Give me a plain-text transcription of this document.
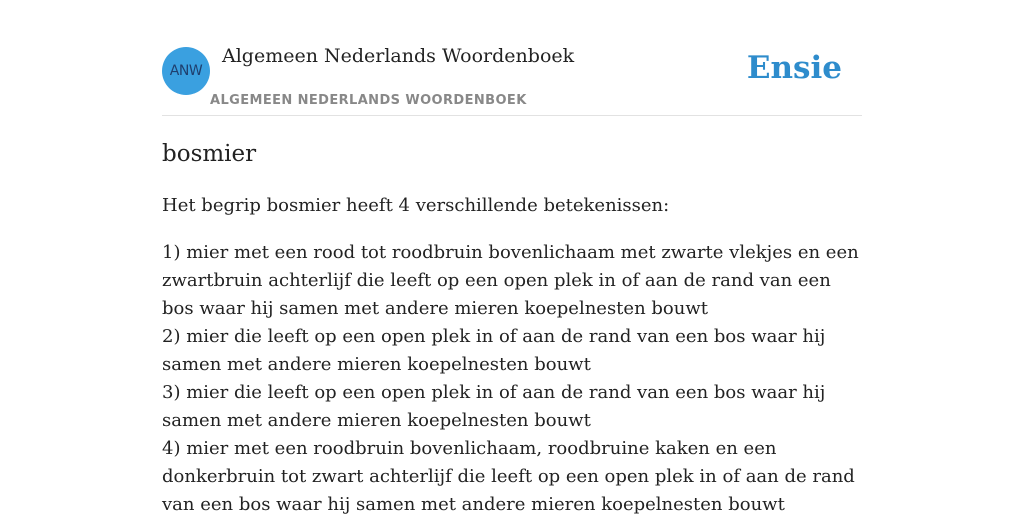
ANW
Algemeen Nederlands Woordenboek
ALGEMEEN NEDERLANDS WOORDENBOEK
Ensie
bosmier

Het begrip bosmier heeft 4 verschillende betekenissen:

1) mier met een rood tot roodbruin bovenlichaam met zwarte vlekjes en een zwartbruin achterlijf die leeft op een open plek in of aan de rand van een bos waar hij samen met andere mieren koepelnesten bouwt
2) mier die leeft op een open plek in of aan de rand van een bos waar hij samen met andere mieren koepelnesten bouwt
3) mier die leeft op een open plek in of aan de rand van een bos waar hij samen met andere mieren koepelnesten bouwt
4) mier met een roodbruin bovenlichaam, roodbruine kaken en een donkerbruin tot zwart achterlijf die leeft op een open plek in of aan de rand van een bos waar hij samen met andere mieren koepelnesten bouwt
